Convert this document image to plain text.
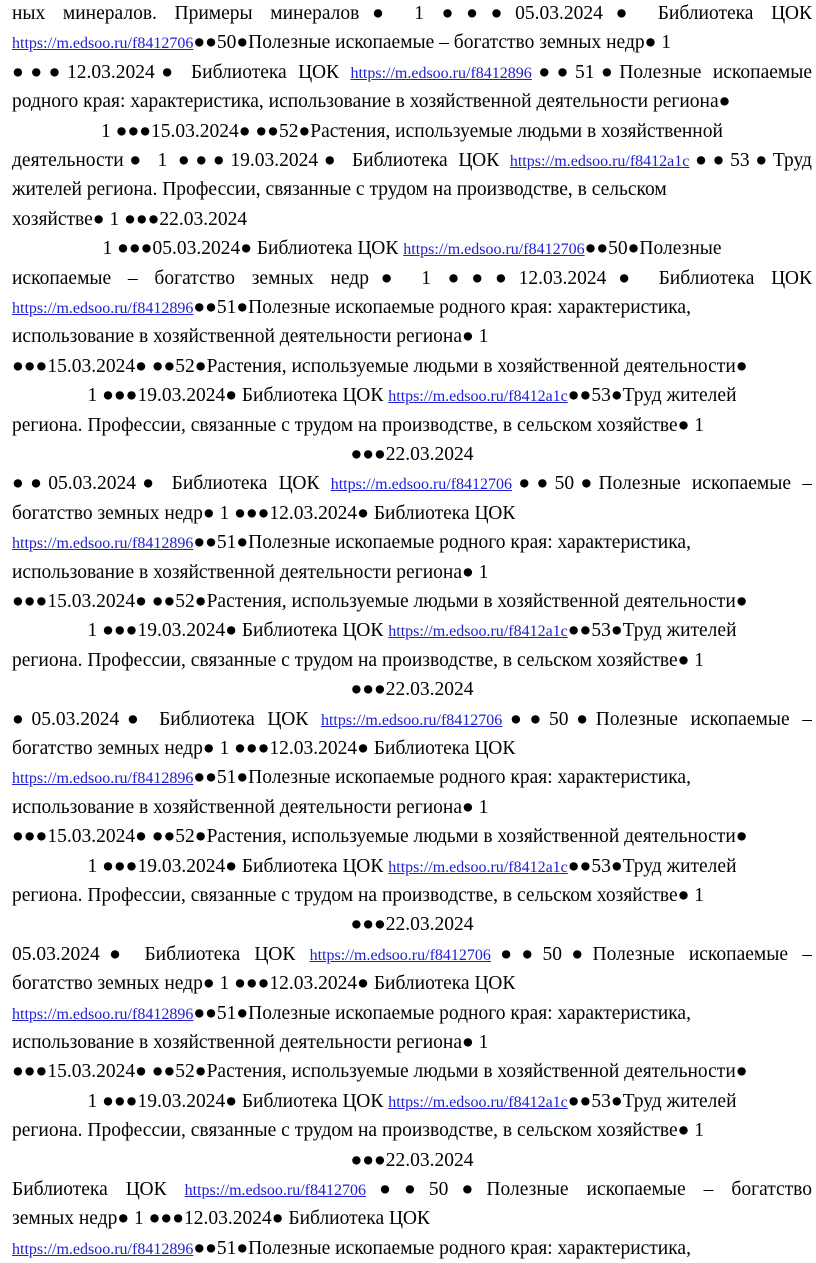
ных минералов. Примеры минералов● 1 ●●●05.03.2024● Библиотека ЦОК
https://m.edsoo.ru/f8412706●●50●Полезные ископаемые – богатство земных недр● 1
●●●12.03.2024● Библиотека ЦОК https://m.edsoo.ru/f8412896●●51●Полезные ископаемые
родного края: характеристика, использование в хозяйственной деятельности региона●
1 ●●●15.03.2024● ●●52●Растения, используемые людьми в хозяйственной
деятельности● 1 ●●●19.03.2024● Библиотека ЦОК https://m.edsoo.ru/f8412a1c●●53●Труд
жителей региона. Профессии, связанные с трудом на производстве, в сельском
хозяйстве● 1 ●●●22.03.2024
1 ●●●05.03.2024● Библиотека ЦОК https://m.edsoo.ru/f8412706●●50●Полезные
ископаемые – богатство земных недр● 1 ●●●12.03.2024● Библиотека ЦОК
https://m.edsoo.ru/f8412896●●51●Полезные ископаемые родного края: характеристика,
использование в хозяйственной деятельности региона● 1
●●●15.03.2024● ●●52●Растения, используемые людьми в хозяйственной деятельности●
1 ●●●19.03.2024● Библиотека ЦОК https://m.edsoo.ru/f8412a1c●●53●Труд жителей
региона. Профессии, связанные с трудом на производстве, в сельском хозяйстве● 1
●●●22.03.2024
●●05.03.2024● Библиотека ЦОК https://m.edsoo.ru/f8412706●●50●Полезные ископаемые –
богатство земных недр● 1 ●●●12.03.2024● Библиотека ЦОК
https://m.edsoo.ru/f8412896●●51●Полезные ископаемые родного края: характеристика,
использование в хозяйственной деятельности региона● 1
●●●15.03.2024● ●●52●Растения, используемые людьми в хозяйственной деятельности●
1 ●●●19.03.2024● Библиотека ЦОК https://m.edsoo.ru/f8412a1c●●53●Труд жителей
региона. Профессии, связанные с трудом на производстве, в сельском хозяйстве● 1
●●●22.03.2024
●05.03.2024● Библиотека ЦОК https://m.edsoo.ru/f8412706●●50●Полезные ископаемые –
богатство земных недр● 1 ●●●12.03.2024● Библиотека ЦОК
https://m.edsoo.ru/f8412896●●51●Полезные ископаемые родного края: характеристика,
использование в хозяйственной деятельности региона● 1
●●●15.03.2024● ●●52●Растения, используемые людьми в хозяйственной деятельности●
1 ●●●19.03.2024● Библиотека ЦОК https://m.edsoo.ru/f8412a1c●●53●Труд жителей
региона. Профессии, связанные с трудом на производстве, в сельском хозяйстве● 1
●●●22.03.2024
05.03.2024● Библиотека ЦОК https://m.edsoo.ru/f8412706●●50●Полезные ископаемые –
богатство земных недр● 1 ●●●12.03.2024● Библиотека ЦОК
https://m.edsoo.ru/f8412896●●51●Полезные ископаемые родного края: характеристика,
использование в хозяйственной деятельности региона● 1
●●●15.03.2024● ●●52●Растения, используемые людьми в хозяйственной деятельности●
1 ●●●19.03.2024● Библиотека ЦОК https://m.edsoo.ru/f8412a1c●●53●Труд жителей
региона. Профессии, связанные с трудом на производстве, в сельском хозяйстве● 1
●●●22.03.2024
Библиотека ЦОК https://m.edsoo.ru/f8412706●●50●Полезные ископаемые – богатство
земных недр● 1 ●●●12.03.2024● Библиотека ЦОК
https://m.edsoo.ru/f8412896●●51●Полезные ископаемые родного края: характеристика,
